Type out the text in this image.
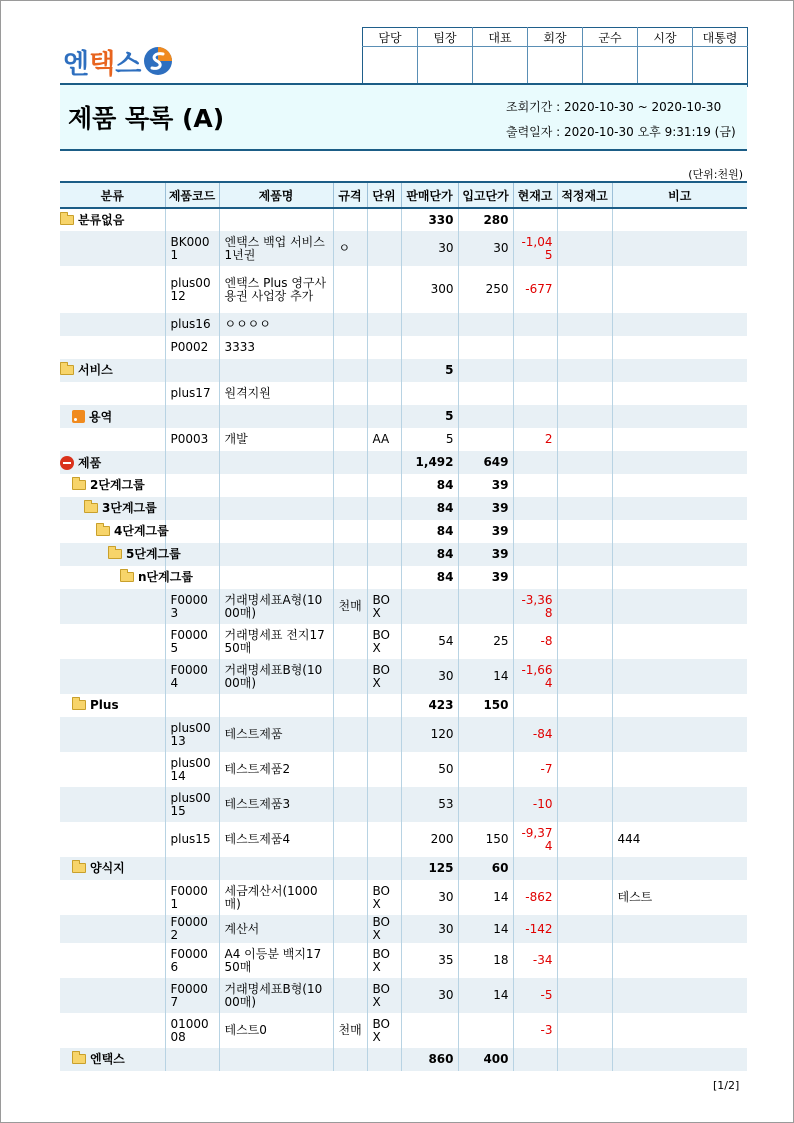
엔택스
담당	팀장	대표	회장	군수	시장	대통령

제품 목록 (A)	조회기간 : 2020-10-30 ~ 2020-10-30
출력일자 : 2020-10-30 오후 9:31:19 (금)
(단위:천원)
분류	제품코드	제품명	규격	단위	판매단가	입고단가	현재고	적정재고	비고
분류없음					330	280			
	BK0001	엔택스 백업 서비스 1년권	ㅇ		30	30	-1,045		
	plus0012	엔택스 Plus 영구사용권 사업장 추가			300	250	-677		
	plus16	ㅇㅇㅇㅇ							
	P0002	3333							
서비스					5				
	plus17	원격지원							
용역					5				
	P0003	개발		AA	5		2		
제품					1,492	649			
2단계그룹					84	39			
3단계그룹					84	39			
4단계그룹					84	39			
5단계그룹					84	39			
n단계그룹					84	39			
	F00003	거래명세표A형(1000매)	천매	BOX			-3,368		
	F00005	거래명세표 전지1750매		BOX	54	25	-8		
	F00004	거래명세표B형(1000매)		BOX	30	14	-1,664		
Plus					423	150			
	plus0013	테스트제품			120		-84		
	plus0014	테스트제품2			50		-7		
	plus0015	테스트제품3			53		-10		
	plus15	테스트제품4			200	150	-9,374		444
양식지					125	60			
	F00001	세금계산서(1000매)		BOX	30	14	-862		테스트
	F00002	계산서		BOX	30	14	-142		
	F00006	A4 이등분 백지1750매		BOX	35	18	-34		
	F00007	거래명세표B형(1000매)		BOX	30	14	-5		
	0100008	테스트0	천매	BOX			-3		
엔택스					860	400			
[1/2]
